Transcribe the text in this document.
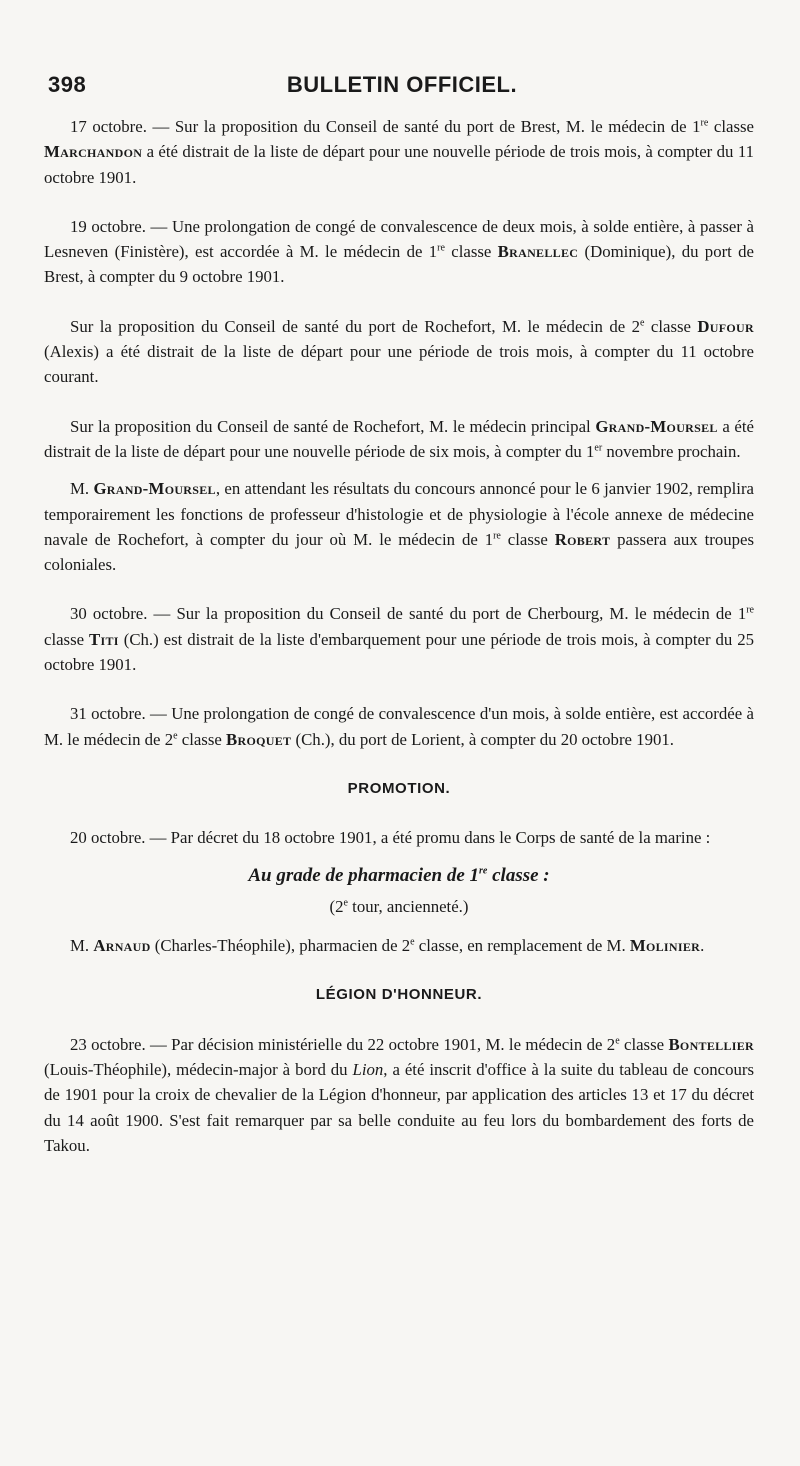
398	BULLETIN OFFICIEL.

17 octobre. — Sur la proposition du Conseil de santé du port de Brest, M. le médecin de 1re classe Marchandon a été distrait de la liste de départ pour une nouvelle période de trois mois, à compter du 11 octobre 1901.

19 octobre. — Une prolongation de congé de convalescence de deux mois, à solde entière, à passer à Lesneven (Finistère), est accordée à M. le médecin de 1re classe Branellec (Dominique), du port de Brest, à compter du 9 octobre 1901.

Sur la proposition du Conseil de santé du port de Rochefort, M. le médecin de 2e classe Dufour (Alexis) a été distrait de la liste de départ pour une période de trois mois, à compter du 11 octobre courant.

Sur la proposition du Conseil de santé de Rochefort, M. le médecin principal Grand-Moursel a été distrait de la liste de départ pour une nouvelle période de six mois, à compter du 1er novembre prochain.

M. Grand-Moursel, en attendant les résultats du concours annoncé pour le 6 janvier 1902, remplira temporairement les fonctions de professeur d'histologie et de physiologie à l'école annexe de médecine navale de Rochefort, à compter du jour où M. le médecin de 1re classe Robert passera aux troupes coloniales.

30 octobre. — Sur la proposition du Conseil de santé du port de Cherbourg, M. le médecin de 1re classe Titi (Ch.) est distrait de la liste d'embarquement pour une période de trois mois, à compter du 25 octobre 1901.

31 octobre. — Une prolongation de congé de convalescence d'un mois, à solde entière, est accordée à M. le médecin de 2e classe Broquet (Ch.), du port de Lorient, à compter du 20 octobre 1901.

PROMOTION.

20 octobre. — Par décret du 18 octobre 1901, a été promu dans le Corps de santé de la marine :

Au grade de pharmacien de 1re classe :
(2e tour, ancienneté.)

M. Arnaud (Charles-Théophile), pharmacien de 2e classe, en remplacement de M. Molinier.

LÉGION D'HONNEUR.

23 octobre. — Par décision ministérielle du 22 octobre 1901, M. le médecin de 2e classe Bontellier (Louis-Théophile), médecin-major à bord du Lion, a été inscrit d'office à la suite du tableau de concours de 1901 pour la croix de chevalier de la Légion d'honneur, par application des articles 13 et 17 du décret du 14 août 1900. S'est fait remarquer par sa belle conduite au feu lors du bombardement des forts de Takou.
